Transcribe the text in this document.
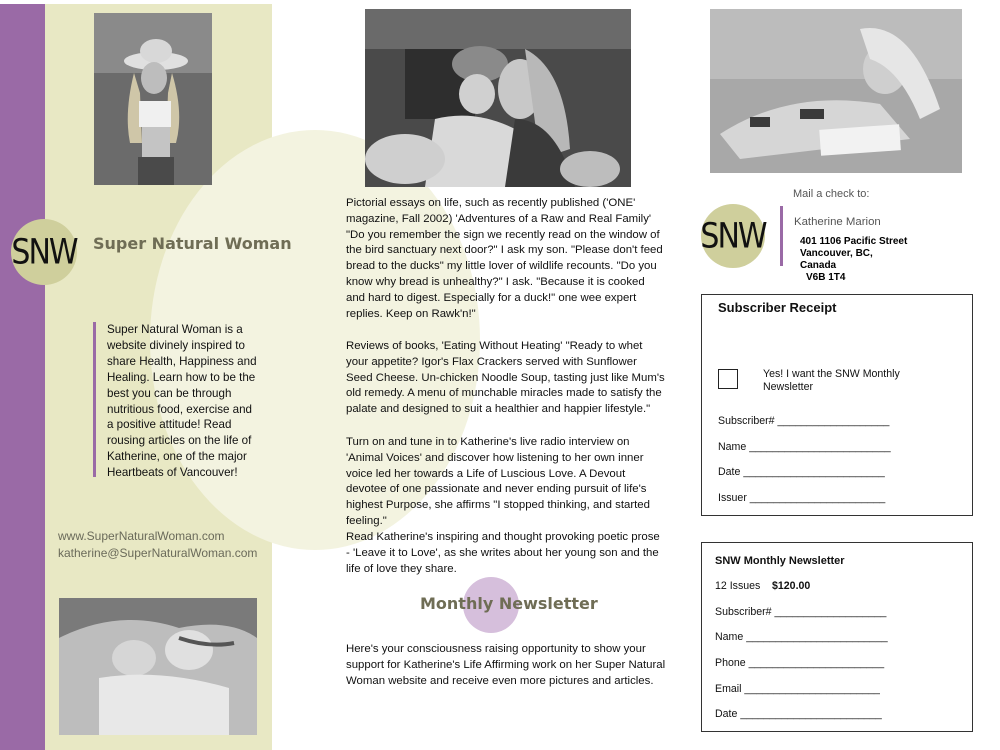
SNW Super Natural Woman
Super Natural Woman is a website divinely inspired to share Health, Happiness and Healing. Learn how to be the best you can be through nutritious food, exercise and a positive attitude! Read rousing articles on the life of Katherine, one of the major Heartbeats of Vancouver!
www.SuperNaturalWoman.com
katherine@SuperNaturalWoman.com
Pictorial essays on life, such as recently published ('ONE' magazine, Fall 2002) 'Adventures of a Raw and Real Family' "Do you remember the sign we recently read on the window of the bird sanctuary next door?" I ask my son. "Please don't feed bread to the ducks" my little lover of wildlife recounts. "Do you know why bread is unhealthy?" I ask. "Because it is cooked and hard to digest. Especially for a duck!" one wee expert replies. Keep on Rawk'n!"
Reviews of books, 'Eating Without Heating' "Ready to whet your appetite? Igor's Flax Crackers served with Sunflower Seed Cheese. Un-chicken Noodle Soup, tasting just like Mum's old remedy. A menu of munchable miracles made to satisfy the palate and designed to suit a healthier and happier lifestyle."
Turn on and tune in to Katherine's live radio interview on 'Animal Voices' and discover how listening to her own inner voice led her towards a Life of Luscious Love. A Devout devotee of one passionate and never ending pursuit of life's highest Purpose, she affirms "I stopped thinking, and started feeling."
Read Katherine's inspiring and thought provoking poetic prose - 'Leave it to Love', as she writes about her young son and the life of love they share.
Monthly Newsletter
Here's your consciousness raising opportunity to show your support for Katherine's Life Affirming work on her Super Natural Woman website and receive even more pictures and articles.
Mail a check to:
SNW Katherine Marion
401 1106 Pacific Street
Vancouver, BC,
Canada
V6B 1T4
Subscriber Receipt
Yes! I want the SNW Monthly Newsletter
Subscriber# ___________________
Name ________________________
Date ________________________
Issuer _______________________
SNW Monthly Newsletter
12 Issues $120.00
Subscriber# ___________________
Name ________________________
Phone _______________________
Email _______________________
Date ________________________
